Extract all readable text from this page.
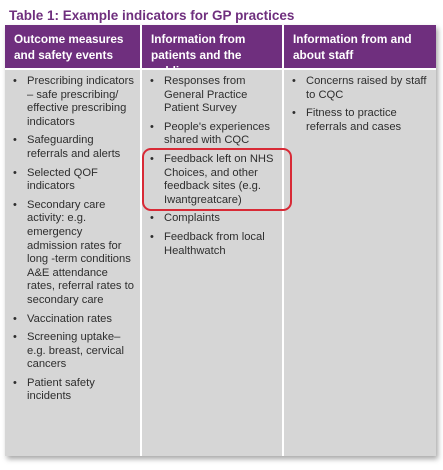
Table 1: Example indicators for GP practices
Outcome measures and safety events
• Prescribing indicators – safe prescribing/ effective prescribing indicators
• Safeguarding referrals and alerts
• Selected QOF indicators
• Secondary care activity: e.g. emergency admission rates for long -term conditions A&E attendance rates, referral rates to secondary care
• Vaccination rates
• Screening uptake– e.g. breast, cervical cancers
• Patient safety incidents
Information from patients and the
• Responses from General Practice Patient Survey
• People's experiences shared with CQC
• Feedback left on NHS Choices, and other feedback sites (e.g. Iwantgreatcare)
• Complaints
• Feedback from local Healthwatch
Information from and about staff
• Concerns raised by staff to CQC
• Fitness to practice referrals and cases
